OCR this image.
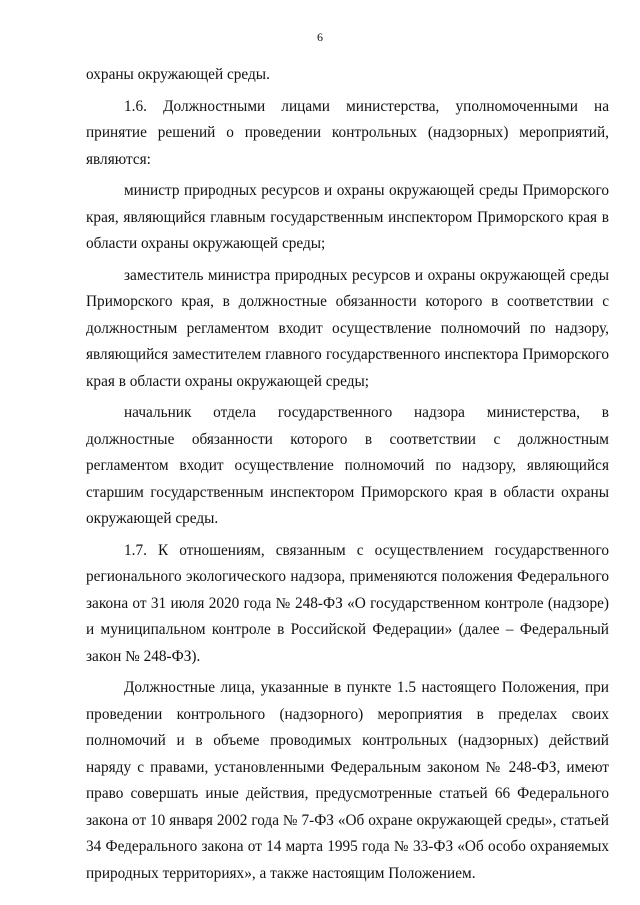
6

охраны окружающей среды.

1.6. Должностными лицами министерства, уполномоченными на принятие решений о проведении контрольных (надзорных) мероприятий, являются:

министр природных ресурсов и охраны окружающей среды Приморского края, являющийся главным государственным инспектором Приморского края в области охраны окружающей среды;

заместитель министра природных ресурсов и охраны окружающей среды Приморского края, в должностные обязанности которого в соответствии с должностным регламентом входит осуществление полномочий по надзору, являющийся заместителем главного государственного инспектора Приморского края в области охраны окружающей среды;

начальник отдела государственного надзора министерства, в должностные обязанности которого в соответствии с должностным регламентом входит осуществление полномочий по надзору, являющийся старшим государственным инспектором Приморского края в области охраны окружающей среды.

1.7. К отношениям, связанным с осуществлением государственного регионального экологического надзора, применяются положения Федерального закона от 31 июля 2020 года № 248-ФЗ «О государственном контроле (надзоре) и муниципальном контроле в Российской Федерации» (далее – Федеральный закон № 248-ФЗ).

Должностные лица, указанные в пункте 1.5 настоящего Положения, при проведении контрольного (надзорного) мероприятия в пределах своих полномочий и в объеме проводимых контрольных (надзорных) действий наряду с правами, установленными Федеральным законом № 248-ФЗ, имеют право совершать иные действия, предусмотренные статьей 66 Федерального закона от 10 января 2002 года № 7-ФЗ «Об охране окружающей среды», статьей 34 Федерального закона от 14 марта 1995 года № 33-ФЗ «Об особо охраняемых природных территориях», а также настоящим Положением.
